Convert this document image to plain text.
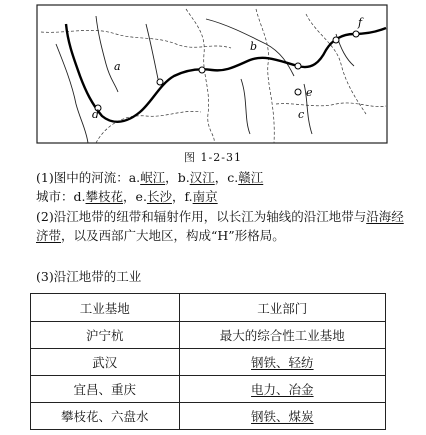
a
b
c
d
e
f
图 1-2-31
(1)图中的河流：a.岷江，b.汉江，c.赣江
城市：d.攀枝花，e.长沙，f.南京
(2)沿江地带的纽带和辐射作用，以长江为轴线的沿江地带与沿海经济带，以及西部广大地区，构成“H”形格局。
(3)沿江地带的工业
工业基地	工业部门
沪宁杭	最大的综合性工业基地
武汉	钢铁、轻纺
宜昌、重庆	电力、冶金
攀枝花、六盘水	钢铁、煤炭
